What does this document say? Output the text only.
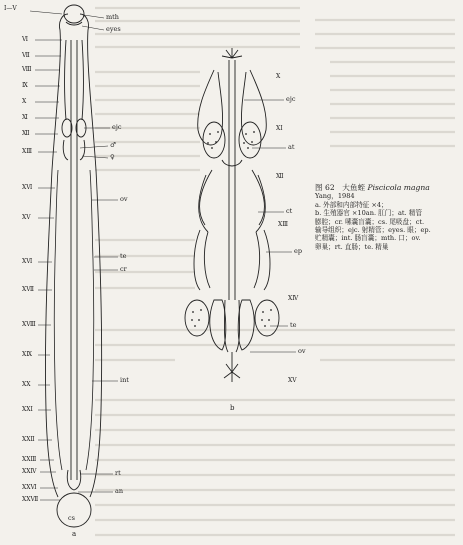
I—V
Ⅵ
Ⅶ
Ⅷ
Ⅸ
Ⅹ
Ⅺ
Ⅻ
XⅢ
XⅥ
XⅤ
XⅥ
XⅦ
XⅧ
XⅨ
XX
XXI
XXⅡ
XXⅢ
XXⅣ
XXⅥ
XXⅦ
mth
eyes
ejc
♂
♀
ov
te
cr
int
rt
an
cs
a
X
XI
Ⅻ
XⅢ
XⅣ
XⅤ
ejc
at
ct
ep
te
ov
b
图 62　大鱼蛭 Piscicola magna
Yang，1984
a. 外部和内部特征 ×4；
b. 生殖器官 ×10an. 肛门；at. 精管
膨腔；cr. 嗉囊盲囊；cs. 尾吸盘；ct.
输导组织；ejc. 射精管；eyes. 眼；ep.
贮精囊；int. 肠盲囊；mth. 口；ov.
卵巢；rt. 直肠；te. 精巢
